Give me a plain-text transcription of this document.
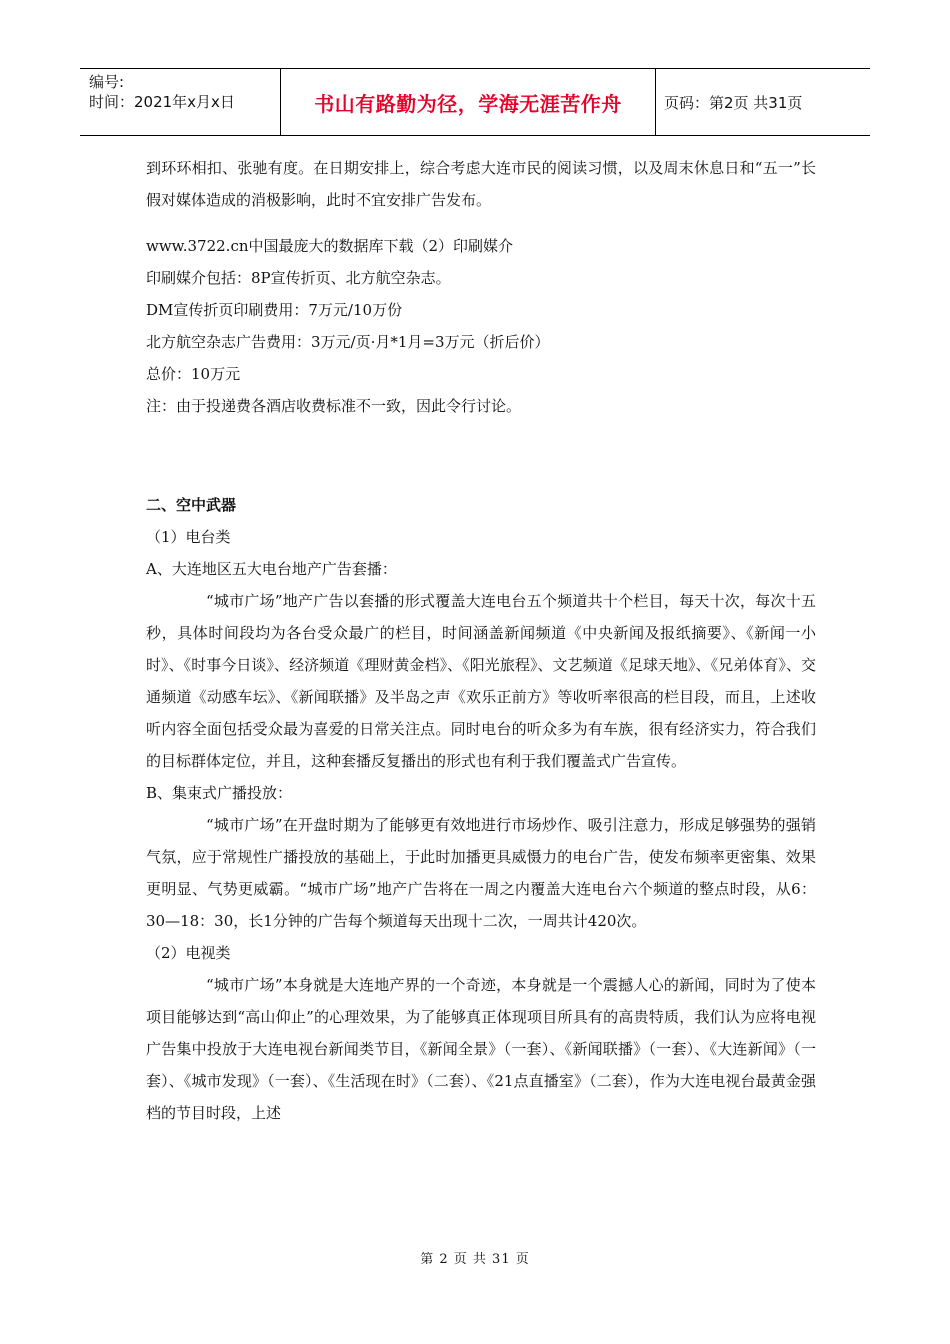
编号:
时间：2021年x月x日	书山有路勤为径，学海无涯苦作舟	页码：第2页 共31页

到环环相扣、张驰有度。在日期安排上，综合考虑大连市民的阅读习惯，以及周末休息日和“五一”长假对媒体造成的消极影响，此时不宜安排广告发布。

www.3722.cn中国最庞大的数据库下载（2）印刷媒介

印刷媒介包括：8P宣传折页、北方航空杂志。

DM宣传折页印刷费用：7万元/10万份

北方航空杂志广告费用：3万元/页·月*1月=3万元（折后价）

总价：10万元

注：由于投递费各酒店收费标准不一致，因此令行讨论。

二、空中武器

（1）电台类

A、大连地区五大电台地产广告套播：

“城市广场”地产广告以套播的形式覆盖大连电台五个频道共十个栏目，每天十次，每次十五秒，具体时间段均为各台受众最广的栏目，时间涵盖新闻频道《中央新闻及报纸摘要》、《新闻一小时》、《时事今日谈》、经济频道《理财黄金档》、《阳光旅程》、文艺频道《足球天地》、《兄弟体育》、交通频道《动感车坛》、《新闻联播》及半岛之声《欢乐正前方》等收听率很高的栏目段，而且，上述收听内容全面包括受众最为喜爱的日常关注点。同时电台的听众多为有车族，很有经济实力，符合我们的目标群体定位，并且，这种套播反复播出的形式也有利于我们覆盖式广告宣传。

B、集束式广播投放：

“城市广场”在开盘时期为了能够更有效地进行市场炒作、吸引注意力，形成足够强势的强销气氛，应于常规性广播投放的基础上，于此时加播更具威慑力的电台广告，使发布频率更密集、效果更明显、气势更威霸。“城市广场”地产广告将在一周之内覆盖大连电台六个频道的整点时段，从6：30—18：30，长1分钟的广告每个频道每天出现十二次，一周共计420次。

（2）电视类

“城市广场”本身就是大连地产界的一个奇迹，本身就是一个震撼人心的新闻，同时为了使本项目能够达到“高山仰止”的心理效果，为了能够真正体现项目所具有的高贵特质，我们认为应将电视广告集中投放于大连电视台新闻类节目，《新闻全景》（一套）、《新闻联播》（一套）、《大连新闻》（一套）、《城市发现》（一套）、《生活现在时》（二套）、《21点直播室》（二套），作为大连电视台最黄金强档的节目时段，上述

第 2 页 共 31 页
